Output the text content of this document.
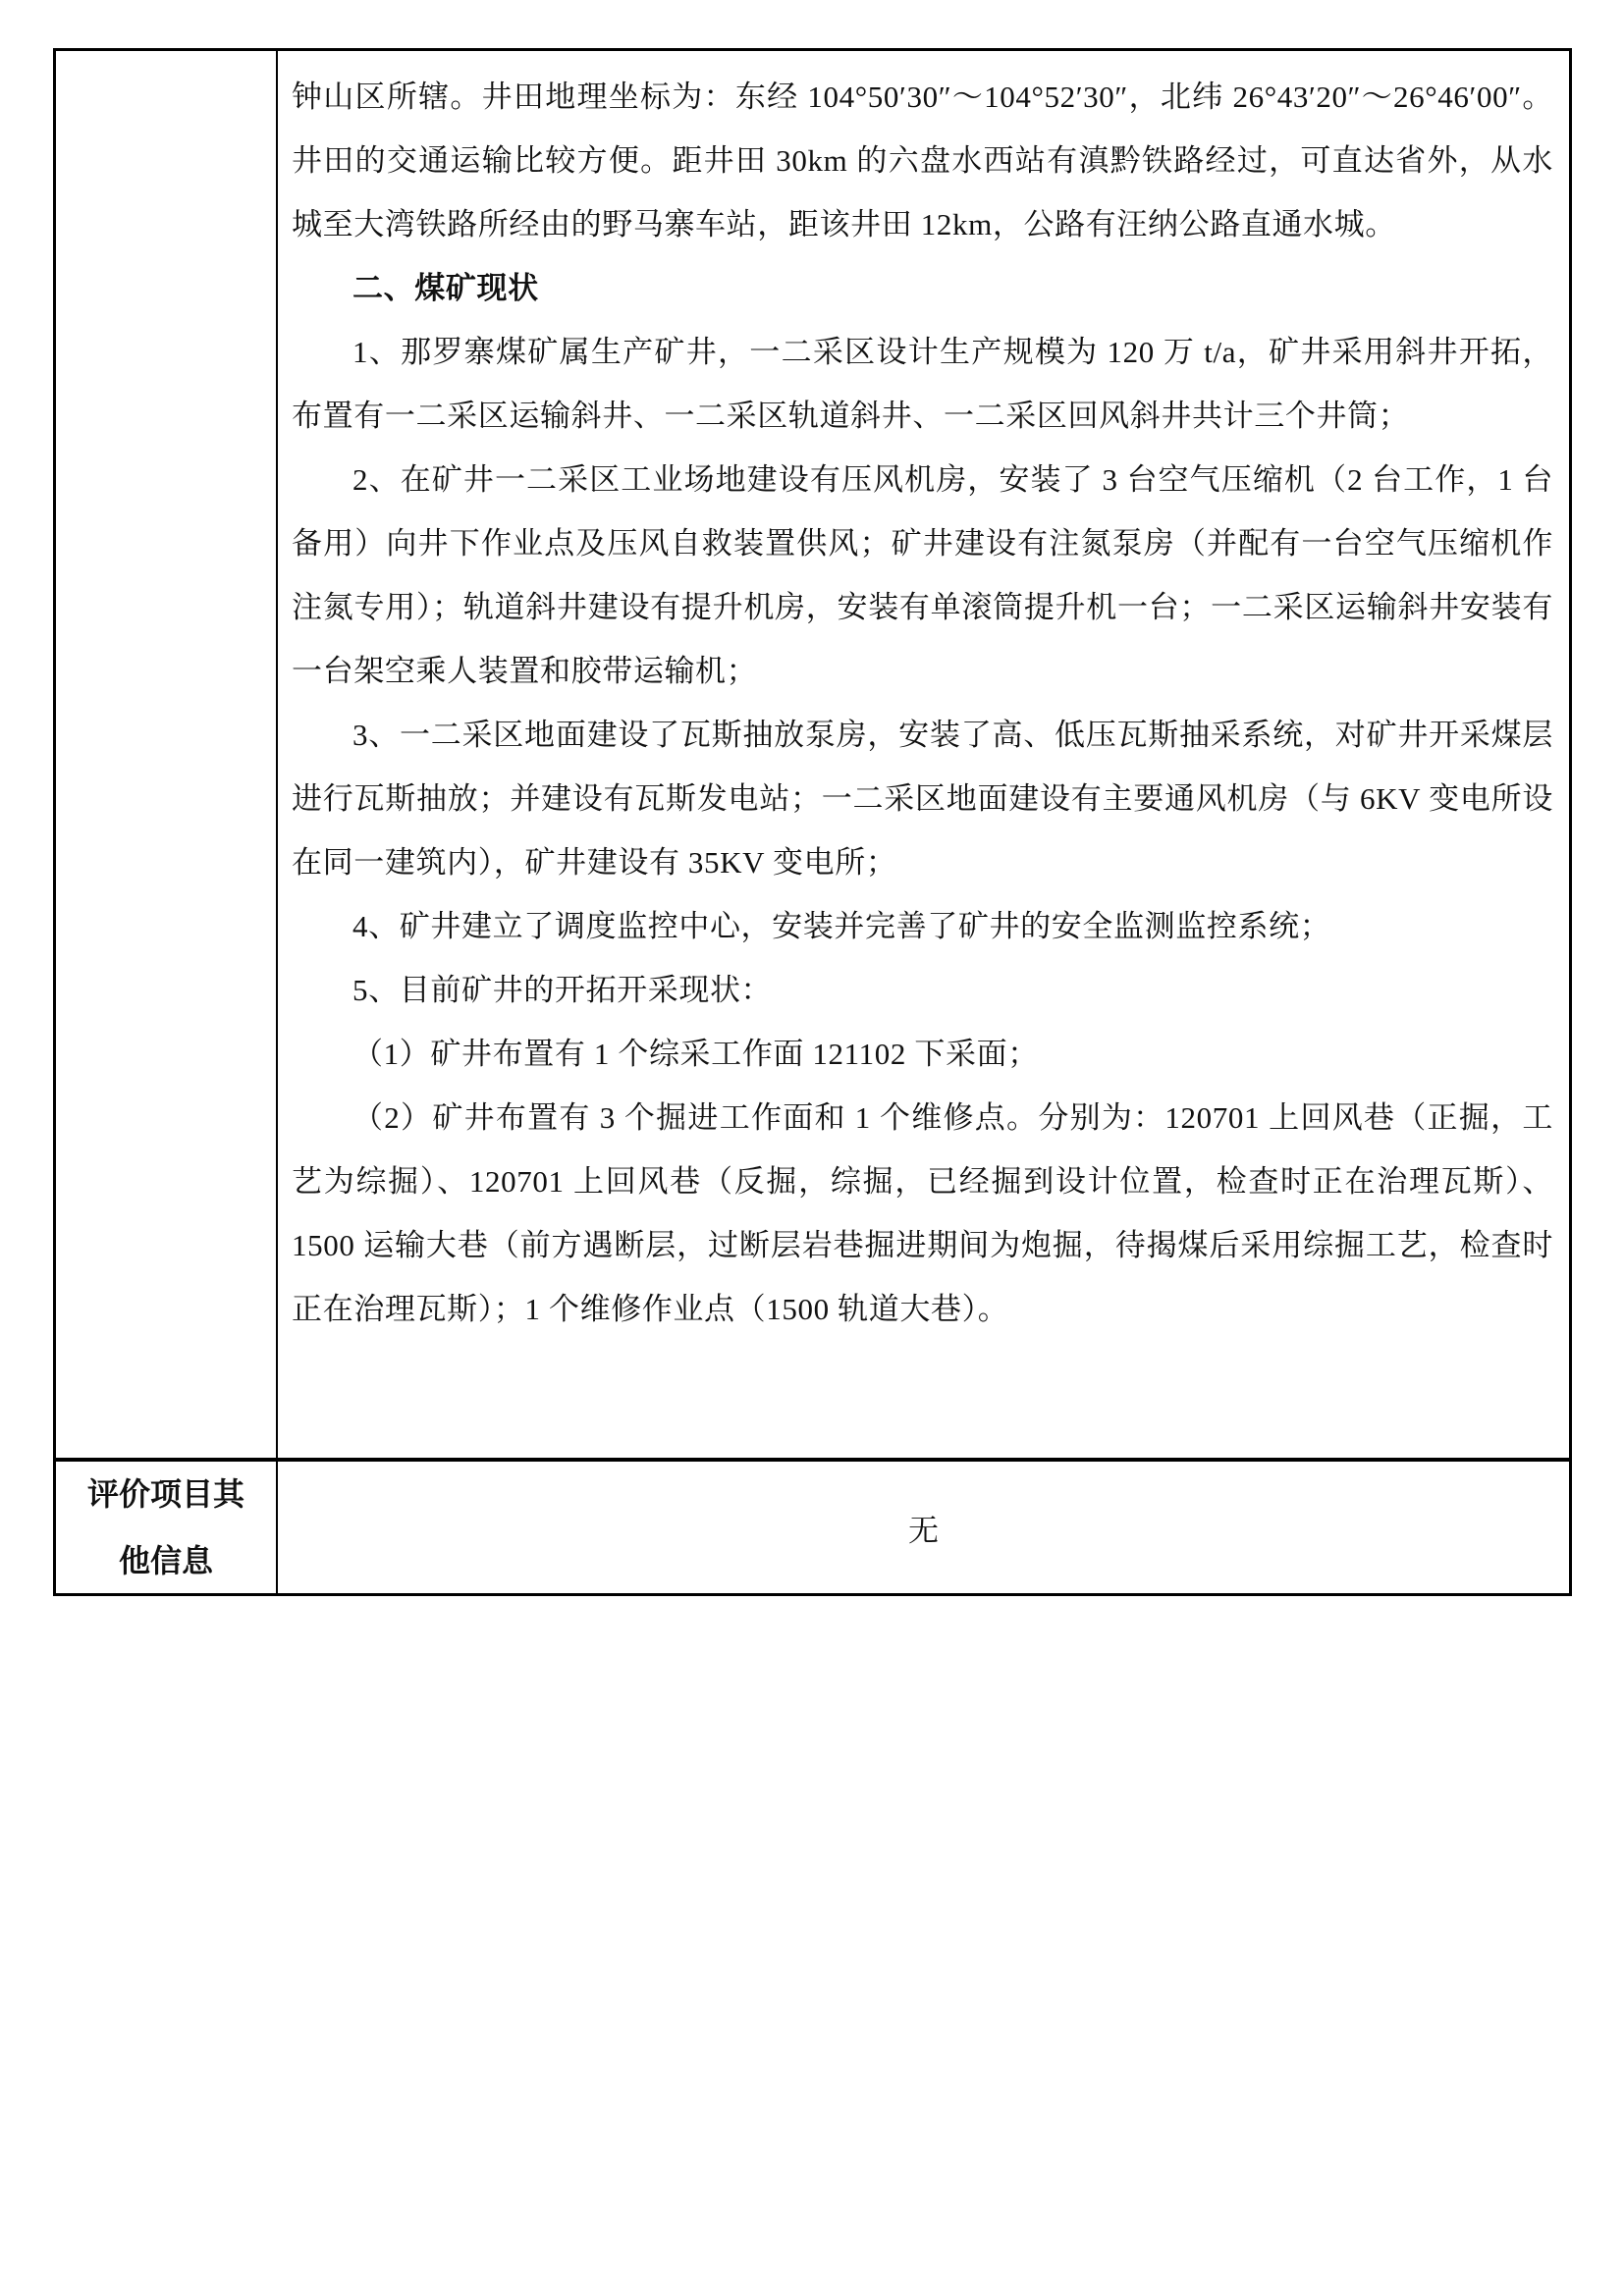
钟山区所辖。井田地理坐标为：东经 104°50′30″～104°52′30″，北纬 26°43′20″～26°46′00″。井田的交通运输比较方便。距井田 30km 的六盘水西站有滇黔铁路经过，可直达省外，从水城至大湾铁路所经由的野马寨车站，距该井田 12km，公路有汪纳公路直通水城。

二、煤矿现状

1、那罗寨煤矿属生产矿井，一二采区设计生产规模为 120 万 t/a，矿井采用斜井开拓，布置有一二采区运输斜井、一二采区轨道斜井、一二采区回风斜井共计三个井筒；

2、在矿井一二采区工业场地建设有压风机房，安装了 3 台空气压缩机（2 台工作，1 台备用）向井下作业点及压风自救装置供风；矿井建设有注氮泵房（并配有一台空气压缩机作注氮专用）；轨道斜井建设有提升机房，安装有单滚筒提升机一台；一二采区运输斜井安装有一台架空乘人装置和胶带运输机；

3、一二采区地面建设了瓦斯抽放泵房，安装了高、低压瓦斯抽采系统，对矿井开采煤层进行瓦斯抽放；并建设有瓦斯发电站；一二采区地面建设有主要通风机房（与 6KV 变电所设在同一建筑内），矿井建设有 35KV 变电所；

4、矿井建立了调度监控中心，安装并完善了矿井的安全监测监控系统；

5、目前矿井的开拓开采现状：

（1）矿井布置有 1 个综采工作面 121102 下采面；

（2）矿井布置有 3 个掘进工作面和 1 个维修点。分别为：120701 上回风巷（正掘，工艺为综掘）、120701 上回风巷（反掘，综掘，已经掘到设计位置，检查时正在治理瓦斯）、1500 运输大巷（前方遇断层，过断层岩巷掘进期间为炮掘，待揭煤后采用综掘工艺，检查时正在治理瓦斯）；1 个维修作业点（1500 轨道大巷）。

评价项目其
他信息
无
